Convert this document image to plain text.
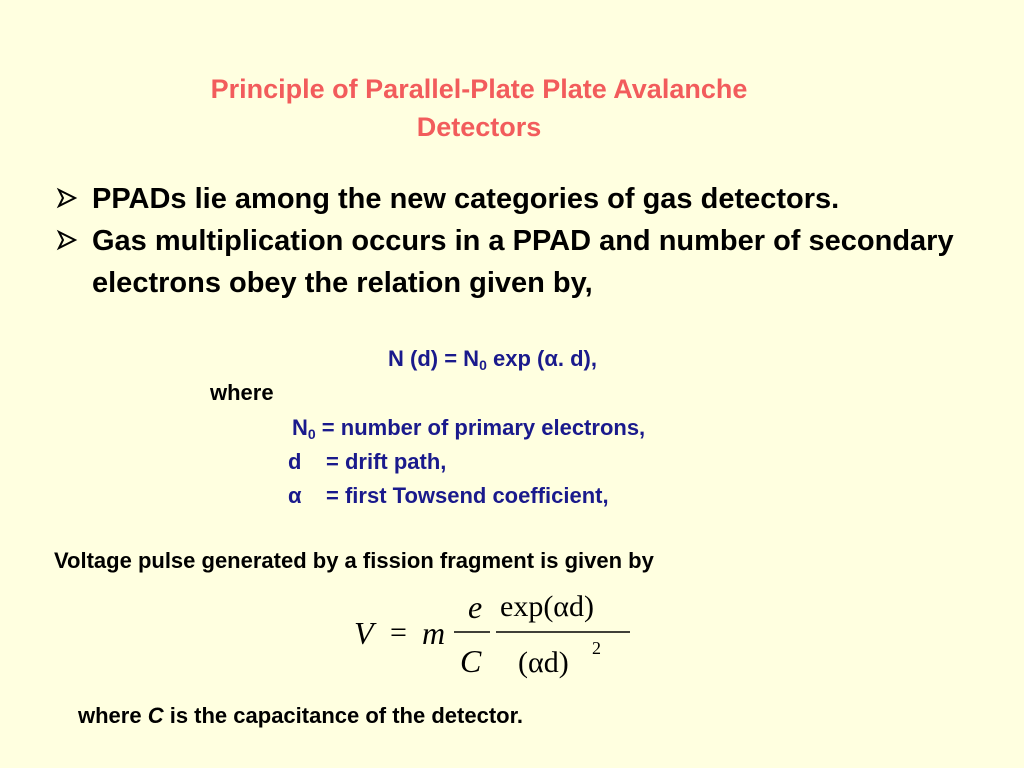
Principle of Parallel-Plate Plate Avalanche
Detectors
PPADs lie among the new categories of gas detectors.
Gas multiplication occurs in a PPAD and number of secondary electrons obey the relation given by,
N $(d) = N_0$ exp (α. d),
where
$N_0$ = number of primary electrons,
d = drift path,
α = first Towsend coefficient,
Voltage pulse generated by a fission fragment is given by
V = m
e
C
exp(αd)
(αd) 2
where C is the capacitance of the detector.
